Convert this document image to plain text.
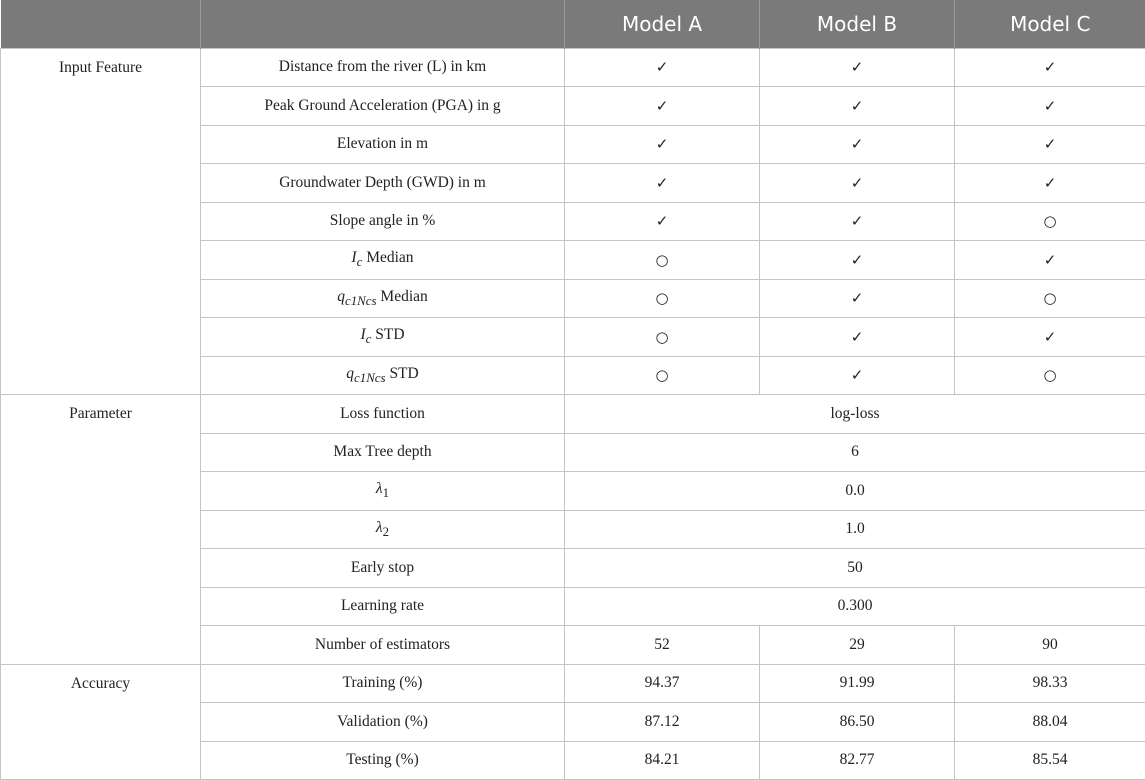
		Model A	Model B	Model C
Input Feature	Distance from the river (L) in km	✓	✓	✓
	Peak Ground Acceleration (PGA) in g	✓	✓	✓
	Elevation in m	✓	✓	✓
	Groundwater Depth (GWD) in m	✓	✓	✓
	Slope angle in %	✓	✓	○
	$I_c$ Median	○	✓	✓
	$q_{c1Ncs}$ Median	○	✓	○
	$I_c$ STD	○	✓	✓
	$q_{c1Ncs}$ STD	○	✓	○
Parameter	Loss function	log-loss		
	Max Tree depth	6		
	$\lambda_1$	0.0		
	$\lambda_2$	1.0		
	Early stop	50		
	Learning rate	0.300		
	Number of estimators	52	29	90
Accuracy	Training (%)	94.37	91.99	98.33
	Validation (%)	87.12	86.50	88.04
	Testing (%)	84.21	82.77	85.54
